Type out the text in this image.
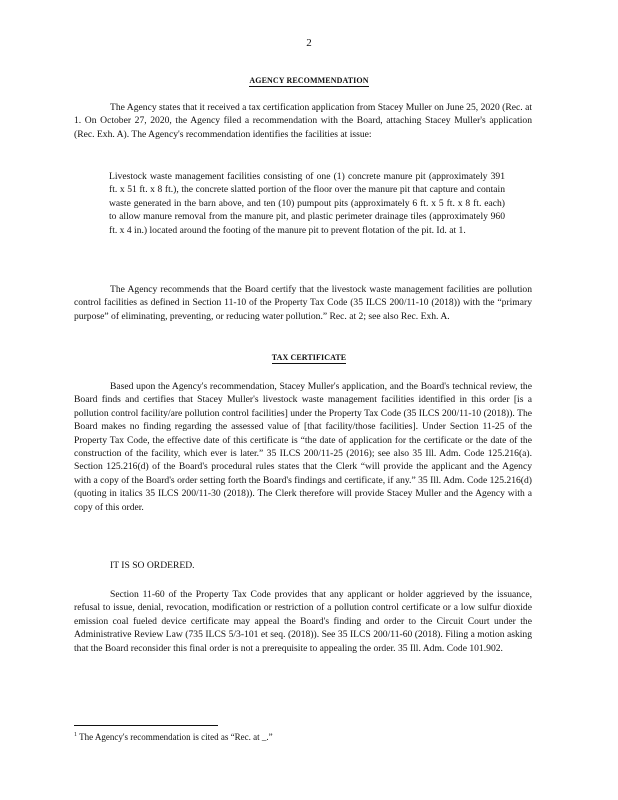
2
AGENCY RECOMMENDATION

The Agency states that it received a tax certification application from Stacey Muller on June 25, 2020 (Rec. at 1. On October 27, 2020, the Agency filed a recommendation with the Board, attaching Stacey Muller's application (Rec. Exh. A). The Agency's recommendation identifies the facilities at issue:

Livestock waste management facilities consisting of one (1) concrete manure pit (approximately 391 ft. x 51 ft. x 8 ft.), the concrete slatted portion of the floor over the manure pit that capture and contain waste generated in the barn above, and ten (10) pumpout pits (approximately 6 ft. x 5 ft. x 8 ft. each) to allow manure removal from the manure pit, and plastic perimeter drainage tiles (approximately 960 ft. x 4 in.) located around the footing of the manure pit to prevent flotation of the pit. Id. at 1.

The Agency recommends that the Board certify that the livestock waste management facilities are pollution control facilities as defined in Section 11-10 of the Property Tax Code (35 ILCS 200/11-10 (2018)) with the “primary purpose” of eliminating, preventing, or reducing water pollution.” Rec. at 2; see also Rec. Exh. A.

TAX CERTIFICATE

Based upon the Agency's recommendation, Stacey Muller's application, and the Board's technical review, the Board finds and certifies that Stacey Muller's livestock waste management facilities identified in this order [is a pollution control facility/are pollution control facilities] under the Property Tax Code (35 ILCS 200/11-10 (2018)). The Board makes no finding regarding the assessed value of [that facility/those facilities]. Under Section 11-25 of the Property Tax Code, the effective date of this certificate is “the date of application for the certificate or the date of the construction of the facility, which ever is later.” 35 ILCS 200/11-25 (2016); see also 35 Ill. Adm. Code 125.216(a). Section 125.216(d) of the Board's procedural rules states that the Clerk “will provide the applicant and the Agency with a copy of the Board's order setting forth the Board's findings and certificate, if any.” 35 Ill. Adm. Code 125.216(d) (quoting in italics 35 ILCS 200/11-30 (2018)). The Clerk therefore will provide Stacey Muller and the Agency with a copy of this order.

IT IS SO ORDERED.

Section 11-60 of the Property Tax Code provides that any applicant or holder aggrieved by the issuance, refusal to issue, denial, revocation, modification or restriction of a pollution control certificate or a low sulfur dioxide emission coal fueled device certificate may appeal the Board's finding and order to the Circuit Court under the Administrative Review Law (735 ILCS 5/3-101 et seq. (2018)). See 35 ILCS 200/11-60 (2018). Filing a motion asking that the Board reconsider this final order is not a prerequisite to appealing the order. 35 Ill. Adm. Code 101.902.

$^1$ The Agency's recommendation is cited as “Rec. at _.”
